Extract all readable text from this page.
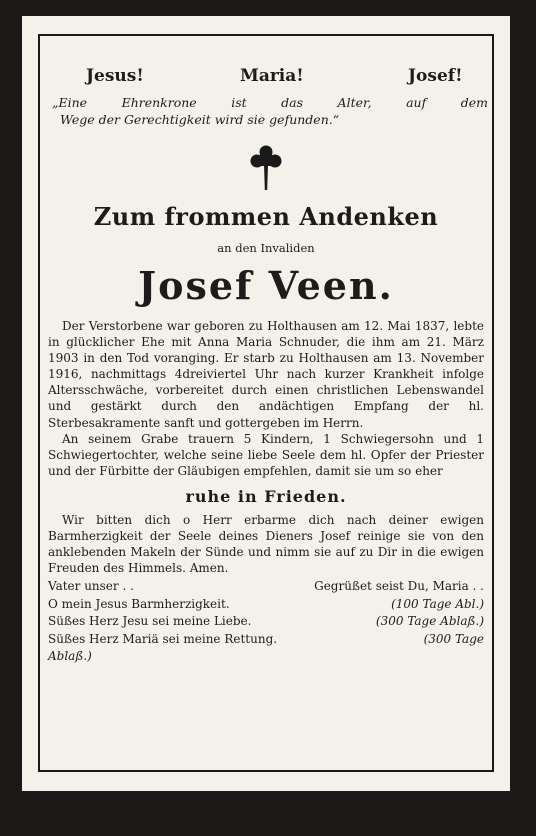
Jesus!	Maria!	Josef!
„Eine Ehrenkrone ist das Alter, auf dem
Wege der Gerechtigkeit wird sie gefunden.“
Zum frommen Andenken
an den Invaliden
Josef Veen.

Der Verstorbene war geboren zu Holthausen am 12. Mai 1837, lebte in glücklicher Ehe mit Anna Maria Schnuder, die ihm am 21. März 1903 in den Tod voranging. Er starb zu Holthausen am 13. November 1916, nachmittags 4dreiviertel Uhr nach kurzer Krankheit infolge Altersschwäche, vorbereitet durch einen christlichen Lebenswandel und gestärkt durch den andächtigen Empfang der hl. Sterbesakramente sanft und gottergeben im Herrn.

An seinem Grabe trauern 5 Kindern, 1 Schwiegersohn und 1 Schwiegertochter, welche seine liebe Seele dem hl. Opfer der Priester und der Fürbitte der Gläubigen empfehlen, damit sie um so eher

ruhe in Frieden.

Wir bitten dich o Herr erbarme dich nach deiner ewigen Barmherzigkeit der Seele deines Dieners Josef reinige sie von den anklebenden Makeln der Sünde und nimm sie auf zu Dir in die ewigen Freuden des Himmels. Amen.

Vater unser . .	Gegrüßet seist Du, Maria . .
O mein Jesus Barmherzigkeit.	(100 Tage Abl.)
Süßes Herz Jesu sei meine Liebe.	(300 Tage Ablaß.)
Süßes Herz Mariä sei meine Rettung.	(300 Tage
Ablaß.)
